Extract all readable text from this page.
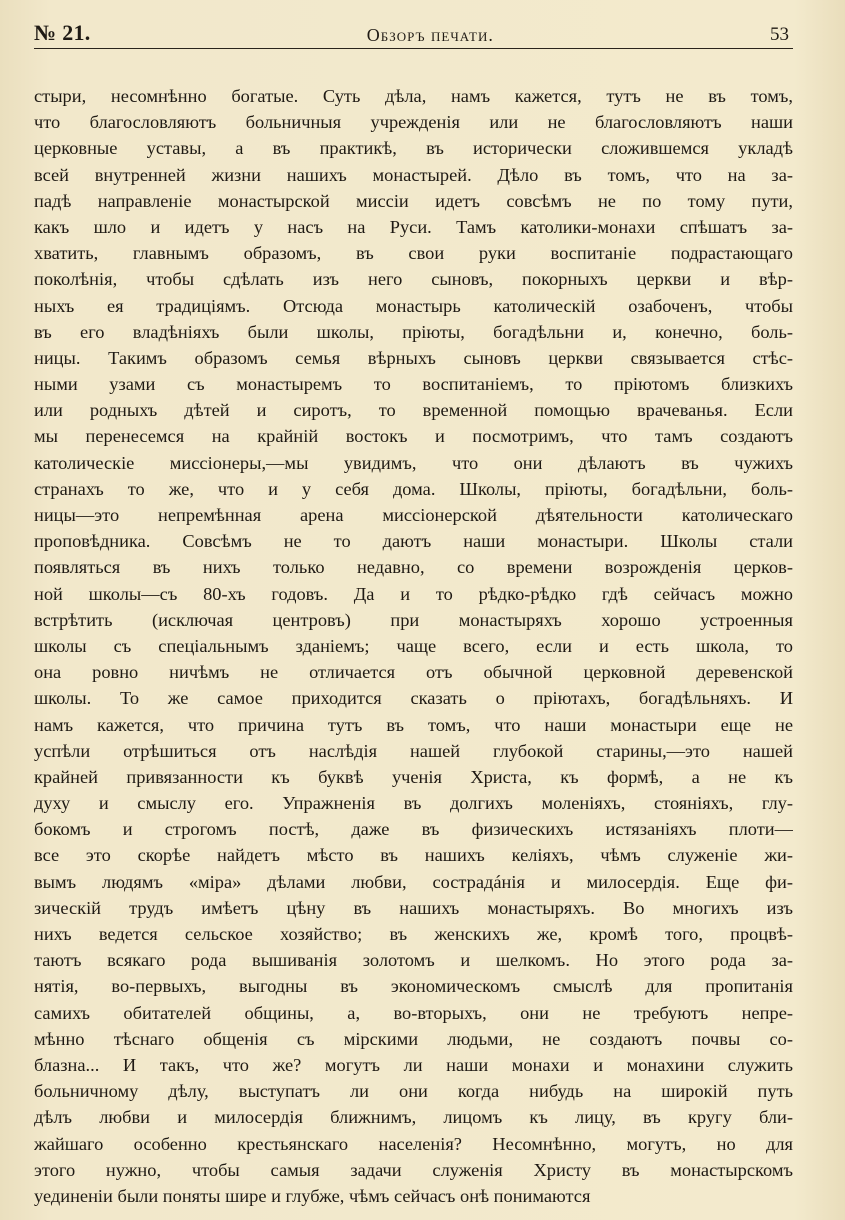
№ 21.	Обзоръ печати.	53
стыри, несомнѣнно богатые. Суть дѣла, намъ кажется, тутъ не въ томъ,
что благословляютъ больничныя учрежденія или не благословляютъ наши
церковные уставы, а въ практикѣ, въ исторически сложившемся укладѣ
всей внутренней жизни нашихъ монастырей. Дѣло въ томъ, что на за-
падѣ направленіе монастырской миссіи идетъ совсѣмъ не по тому пути,
какъ шло и идетъ у насъ на Руси. Тамъ католики-монахи спѣшатъ за-
хватить, главнымъ образомъ, въ свои руки воспитаніе подрастающаго
поколѣнія, чтобы сдѣлать изъ него сыновъ, покорныхъ церкви и вѣр-
ныхъ ея традиціямъ. Отсюда монастырь католическій озабоченъ, чтобы
въ его владѣніяхъ были школы, пріюты, богадѣльни и, конечно, боль-
ницы. Такимъ образомъ семья вѣрныхъ сыновъ церкви связывается стѣс-
ными узами съ монастыремъ то воспитаніемъ, то пріютомъ близкихъ
или родныхъ дѣтей и сиротъ, то временной помощью врачеванья. Если
мы перенесемся на крайній востокъ и посмотримъ, что тамъ создаютъ
католическіе миссіонеры,—мы увидимъ, что они дѣлаютъ въ чужихъ
странахъ то же, что и у себя дома. Школы, пріюты, богадѣльни, боль-
ницы—это непремѣнная арена миссіонерской дѣятельности католическаго
проповѣдника. Совсѣмъ не то даютъ наши монастыри. Школы стали
появляться въ нихъ только недавно, со времени возрожденія церков-
ной школы—съ 80-хъ годовъ. Да и то рѣдко-рѣдко гдѣ сейчасъ можно
встрѣтить (исключая центровъ) при монастыряхъ хорошо устроенныя
школы съ спеціальнымъ зданіемъ; чаще всего, если и есть школа, то
она ровно ничѣмъ не отличается отъ обычной церковной деревенской
школы. То же самое приходится сказать о пріютахъ, богадѣльняхъ. И
намъ кажется, что причина тутъ въ томъ, что наши монастыри еще не
успѣли отрѣшиться отъ наслѣдія нашей глубокой старины,—это нашей
крайней привязанности къ буквѣ ученія Христа, къ формѣ, а не къ
духу и смыслу его. Упражненія въ долгихъ моленіяхъ, стояніяхъ, глу-
бокомъ и строгомъ постѣ, даже въ физическихъ истязаніяхъ плоти—
все это скорѣе найдетъ мѣсто въ нашихъ келіяхъ, чѣмъ служеніе жи-
вымъ людямъ «міра» дѣлами любви, сострадáнія и милосердія. Еще фи-
зическій трудъ имѣетъ цѣну въ нашихъ монастыряхъ. Во многихъ изъ
нихъ ведется сельское хозяйство; въ женскихъ же, кромѣ того, процвѣ-
таютъ всякаго рода вышиванія золотомъ и шелкомъ. Но этого рода за-
нятія, во-первыхъ, выгодны въ экономическомъ смыслѣ для пропитанія
самихъ обитателей общины, а, во-вторыхъ, они не требуютъ непре-
мѣнно тѣснаго общенія съ мірскими людьми, не создаютъ почвы со-
блазна... И такъ, что же? могутъ ли наши монахи и монахини служить
больничному дѣлу, выступатъ ли они когда нибудь на широкій путь
дѣлъ любви и милосердія ближнимъ, лицомъ къ лицу, въ кругу бли-
жайшаго особенно крестьянскаго населенія? Несомнѣнно, могутъ, но для
этого нужно, чтобы самыя задачи служенія Христу въ монастырскомъ
уединеніи были поняты шире и глубже, чѣмъ сейчасъ онѣ понимаются
